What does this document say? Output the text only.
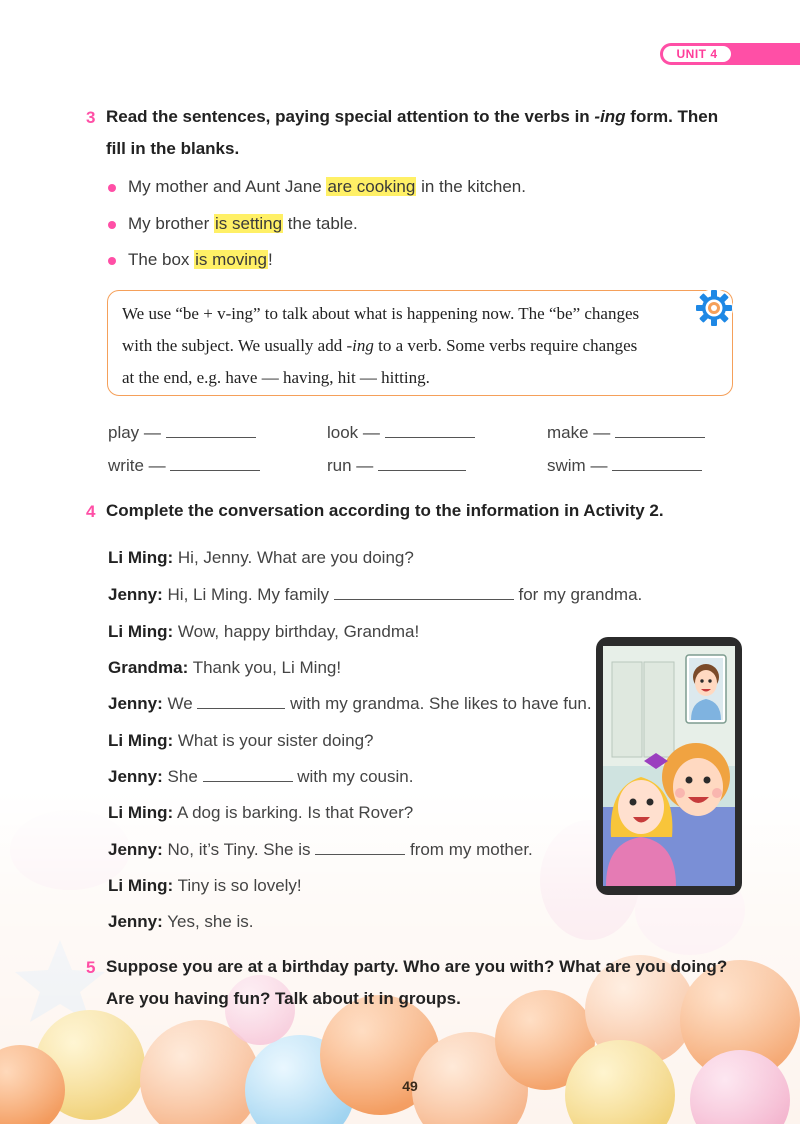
UNIT 4
3 Read the sentences, paying special attention to the verbs in -ing form. Then
fill in the blanks.
My mother and Aunt Jane are cooking in the kitchen.
My brother is setting the table.
The box is moving!
We use “be + v-ing” to talk about what is happening now. The “be” changes
with the subject. We usually add -ing to a verb. Some verbs require changes
at the end, e.g. have — having, hit — hitting.
play —	look —	make —
write —	run —	swim —
4 Complete the conversation according to the information in Activity 2.
Li Ming: Hi, Jenny. What are you doing?
Jenny: Hi, Li Ming. My family	for my grandma.
Li Ming: Wow, happy birthday, Grandma!
Grandma: Thank you, Li Ming!
Jenny: We	with my grandma. She likes to have fun.
Li Ming: What is your sister doing?
Jenny: She	with my cousin.
Li Ming: A dog is barking. Is that Rover?
Jenny: No, it’s Tiny. She is	from my mother.
Li Ming: Tiny is so lovely!
Jenny: Yes, she is.
5 Suppose you are at a birthday party. Who are you with? What are you doing?
Are you having fun? Talk about it in groups.
49
